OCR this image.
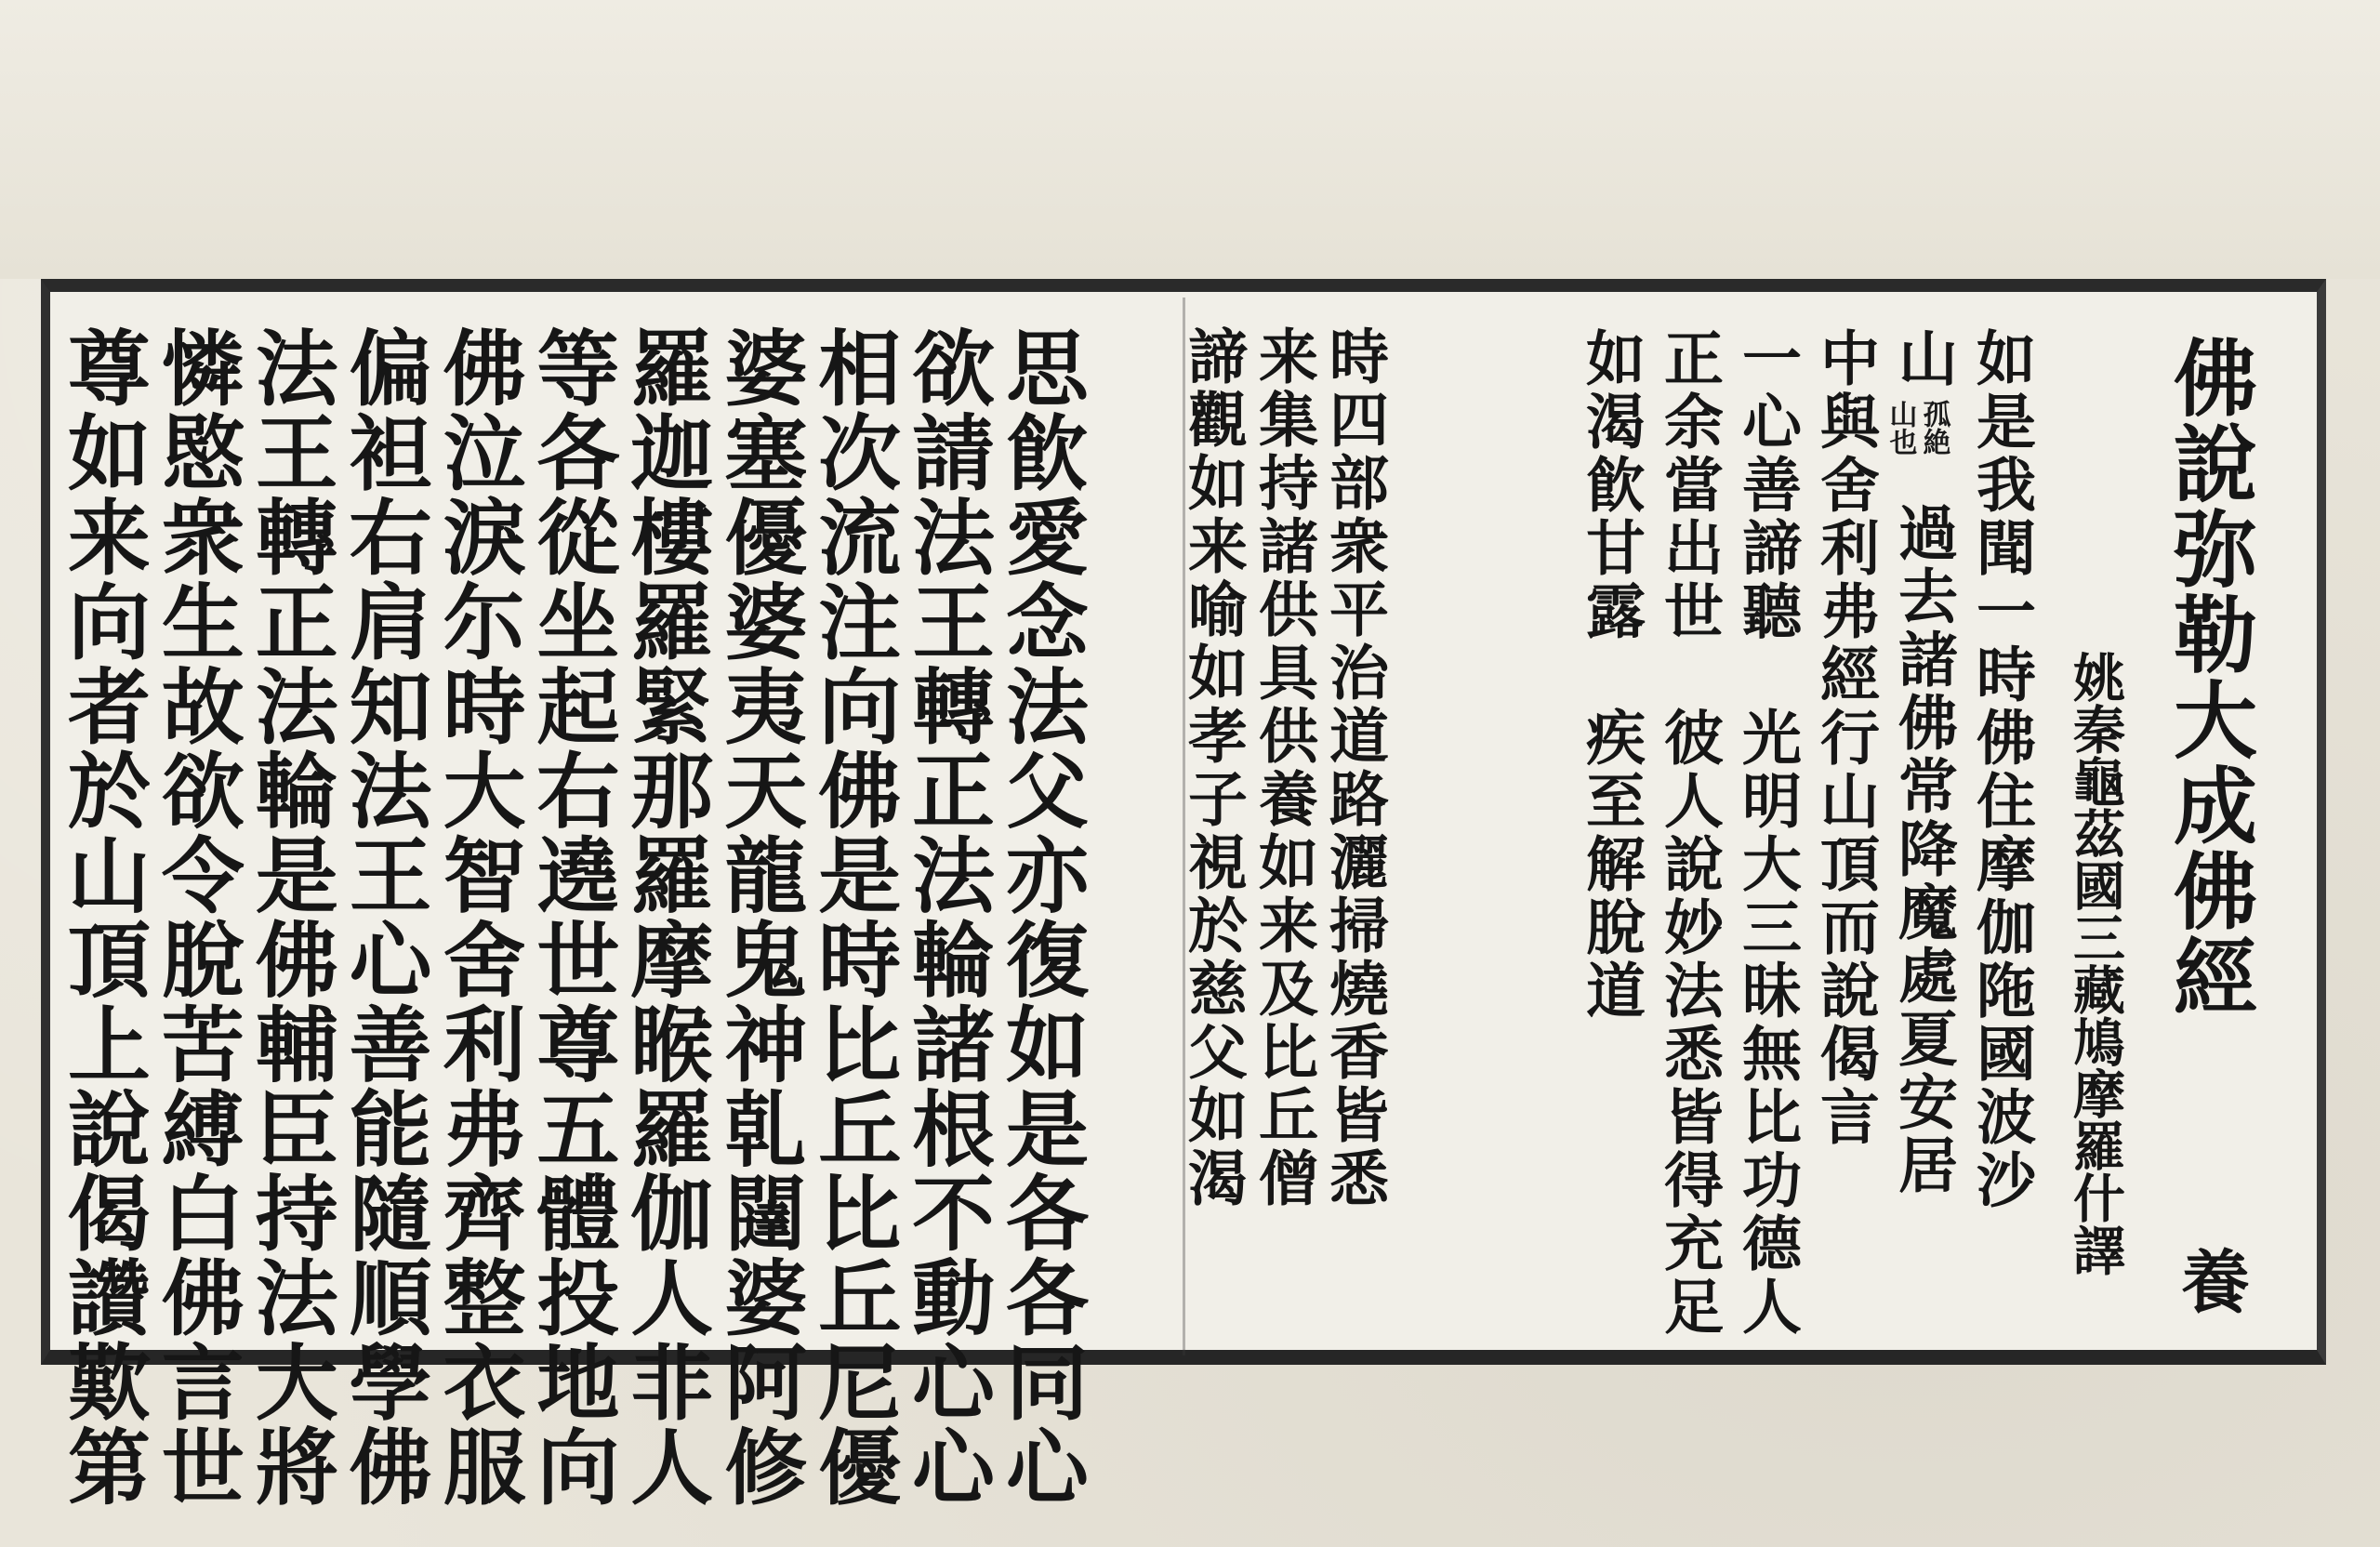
佛說弥勒大成佛經
姚秦龜茲國三藏鳩摩羅什譯
養
如是我聞一時佛住摩伽陁國波沙
山
孤絶
山也
過去諸佛常降魔處夏安居
中與舍利弗經行山頂而說偈言
一心善諦聽
光明大三昧
無比功德人
正余當出世
彼人說妙法
悉皆得充足
如渴飮甘露
疾至解脫道
時四部衆平治道路灑掃燒香皆悉
来集持諸供具供養如来及比丘僧
諦觀如来喻如孝子視於慈父如渴
思飮愛念法父亦復如是各各同心
欲請法王轉正法輪諸根不動心心
相次流注向佛是時比丘比丘尼優
婆塞優婆夷天龍鬼神乹闥婆阿修
羅迦樓羅緊那羅摩睺羅伽人非人
等各從坐起右遶世尊五體投地向
佛泣淚尓時大智舍利弗齊整衣服
偏袒右肩知法王心善能隨順學佛
法王轉正法輪是佛輔臣持法大將
憐愍衆生故欲令脫苦縛白佛言世
尊如来向者於山頂上說偈讚歎第
